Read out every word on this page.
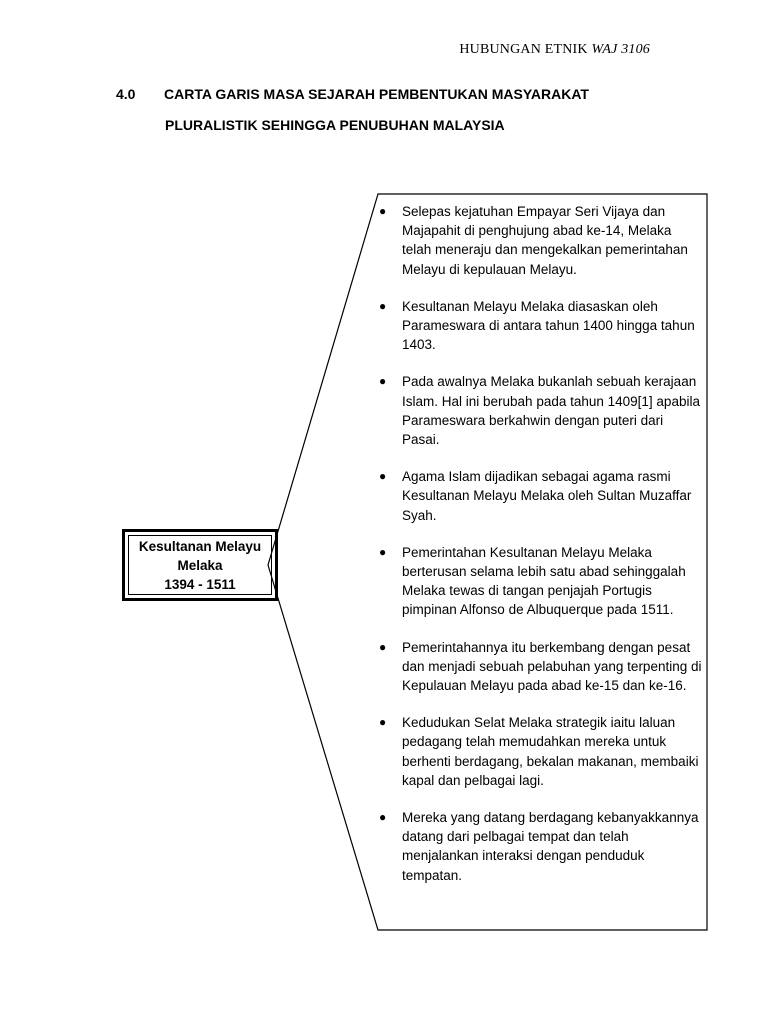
HUBUNGAN ETNIK WAJ 3106
4.0 CARTA GARIS MASA SEJARAH PEMBENTUKAN MASYARAKAT
PLURALISTIK SEHINGGA PENUBUHAN MALAYSIA
Kesultanan Melayu
Melaka
1394 - 1511
● Selepas kejatuhan Empayar Seri Vijaya dan Majapahit di penghujung abad ke-14, Melaka telah meneraju dan mengekalkan pemerintahan Melayu di kepulauan Melayu.
● Kesultanan Melayu Melaka diasaskan oleh Parameswara di antara tahun 1400 hingga tahun 1403.
● Pada awalnya Melaka bukanlah sebuah kerajaan Islam. Hal ini berubah pada tahun 1409[1] apabila Parameswara berkahwin dengan puteri dari Pasai.
● Agama Islam dijadikan sebagai agama rasmi Kesultanan Melayu Melaka oleh Sultan Muzaffar Syah.
● Pemerintahan Kesultanan Melayu Melaka berterusan selama lebih satu abad sehinggalah Melaka tewas di tangan penjajah Portugis pimpinan Alfonso de Albuquerque pada 1511.
● Pemerintahannya itu berkembang dengan pesat dan menjadi sebuah pelabuhan yang terpenting di Kepulauan Melayu pada abad ke-15 dan ke-16.
● Kedudukan Selat Melaka strategik iaitu laluan pedagang telah memudahkan mereka untuk berhenti berdagang, bekalan makanan, membaiki kapal dan pelbagai lagi.
● Mereka yang datang berdagang kebanyakkannya datang dari pelbagai tempat dan telah menjalankan interaksi dengan penduduk tempatan.
